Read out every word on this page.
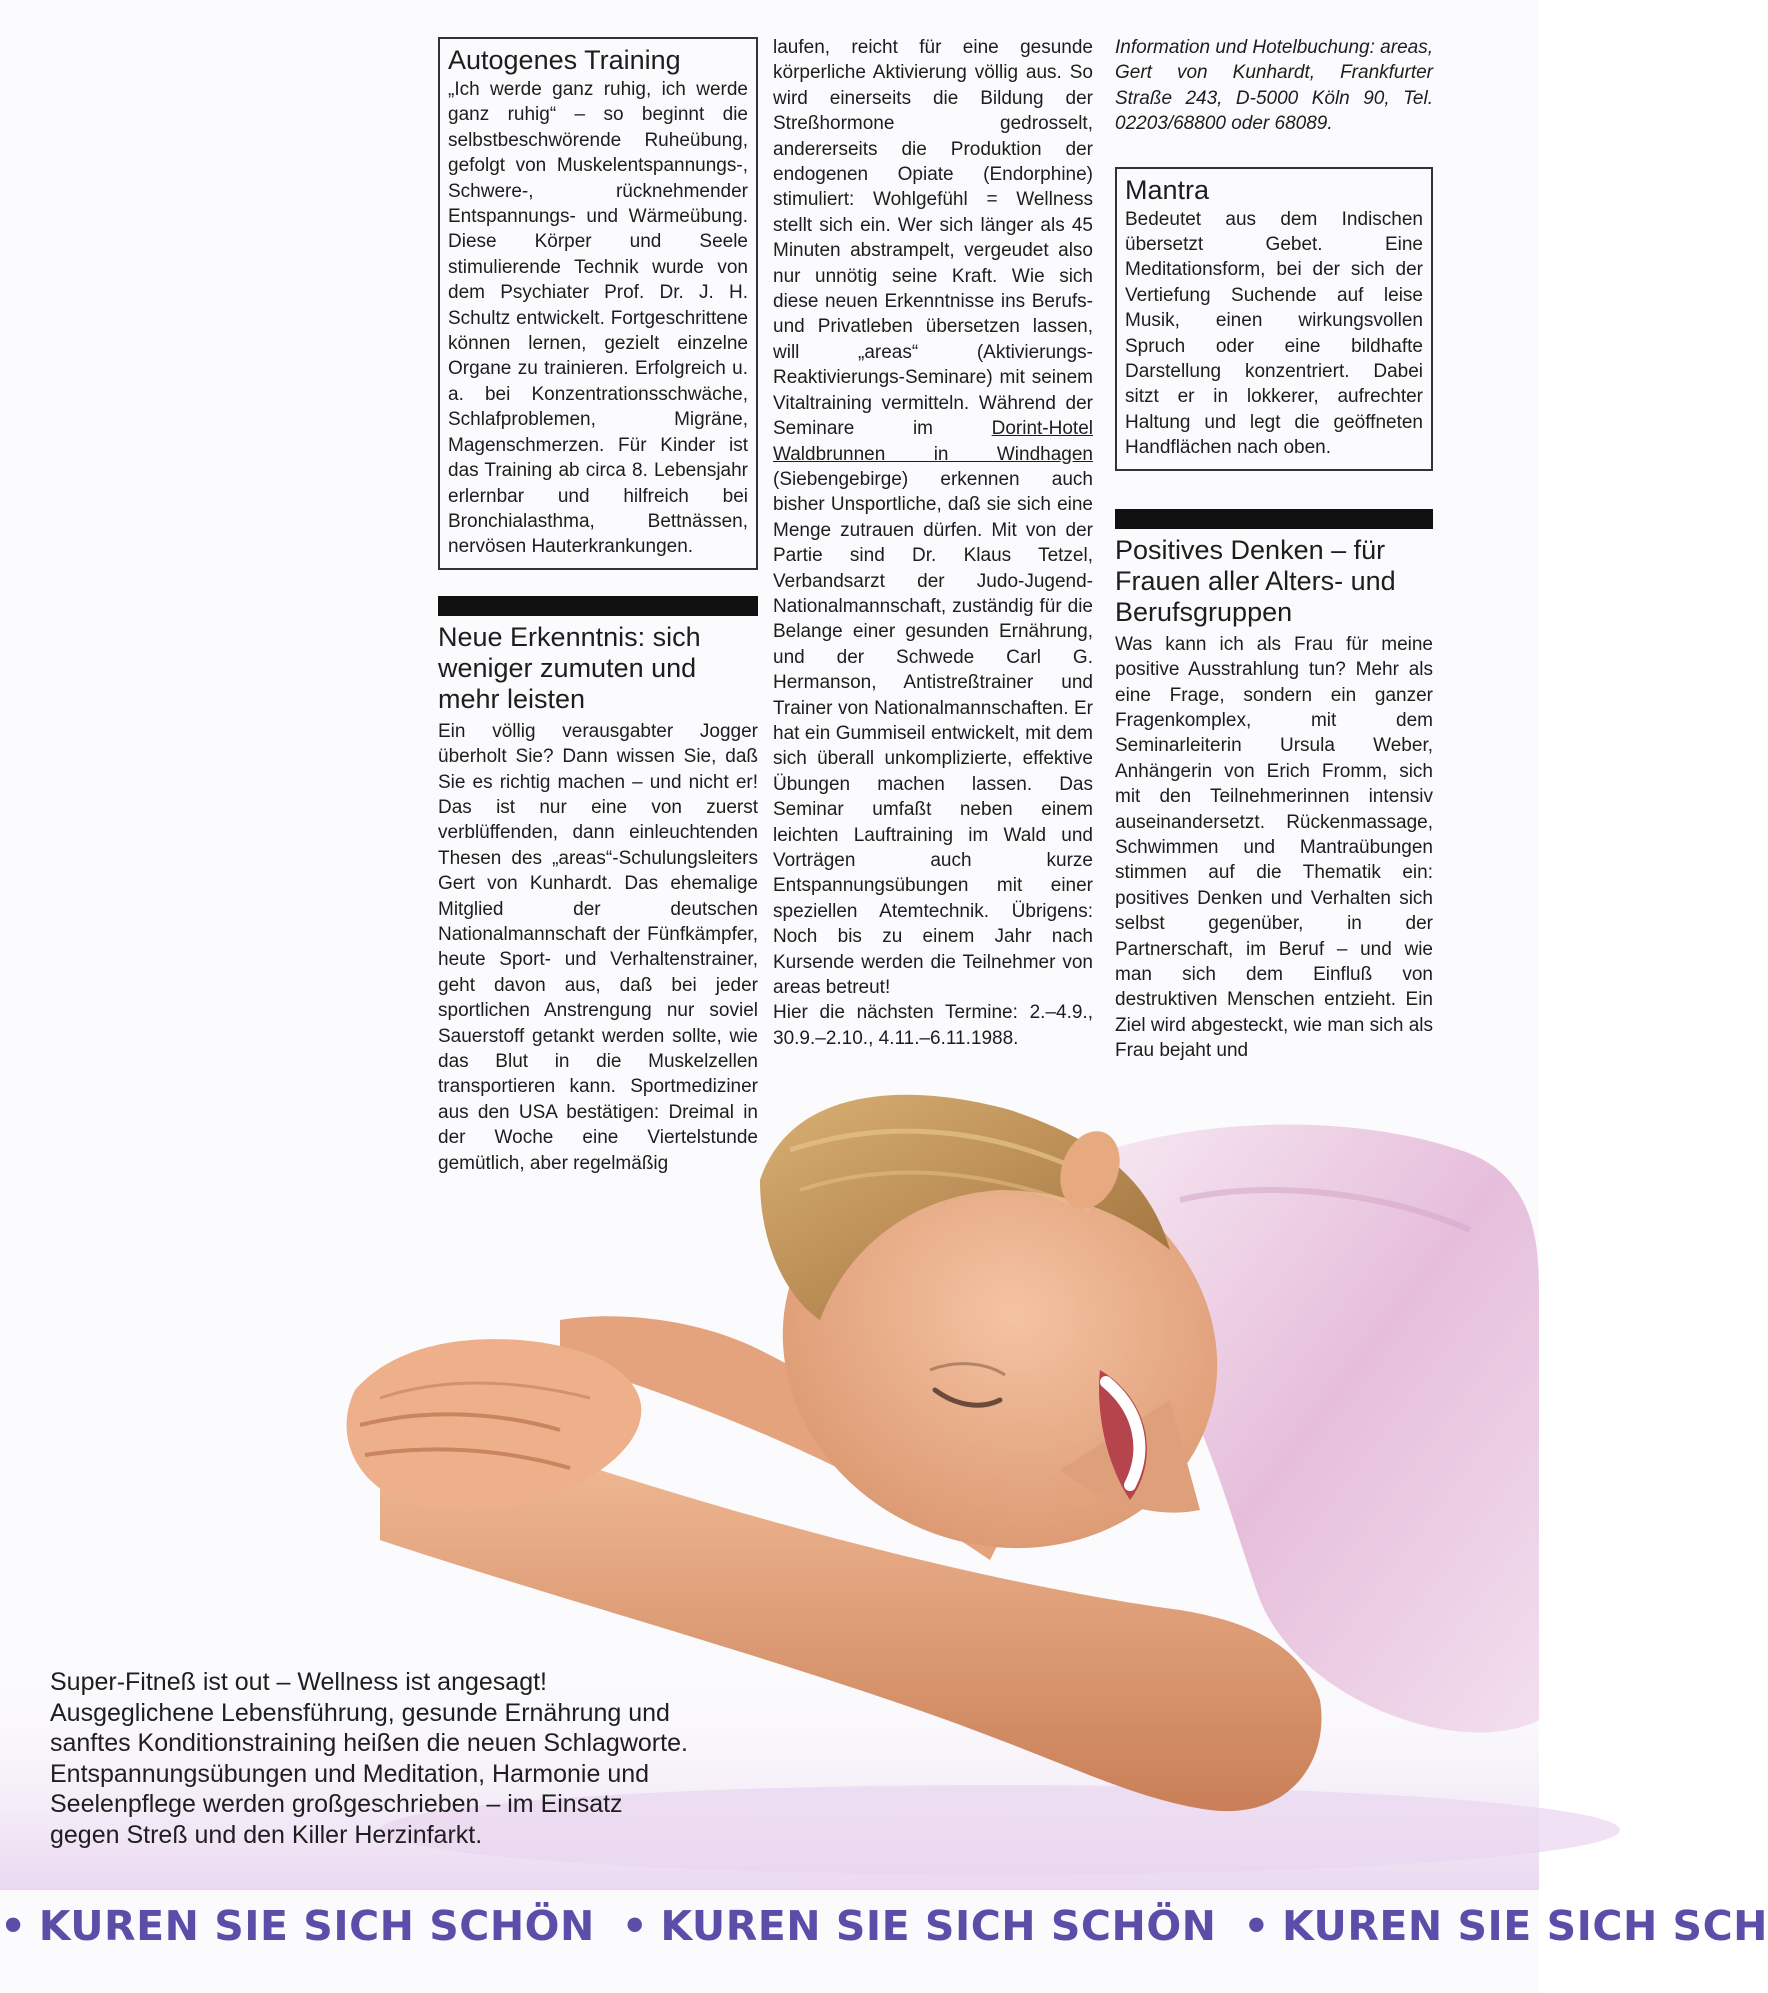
Autogenes Training

„Ich werde ganz ruhig, ich werde ganz ruhig“ – so beginnt die selbstbeschwörende Ruheübung, gefolgt von Muskelentspannungs-, Schwere-, rücknehmender Entspannungs- und Wärmeübung. Diese Körper und Seele stimulierende Technik wurde von dem Psychiater Prof. Dr. J. H. Schultz entwickelt. Fortgeschrittene können lernen, gezielt einzelne Organe zu trainieren. Erfolgreich u. a. bei Konzentrationsschwäche, Schlafproblemen, Migräne, Magenschmerzen. Für Kinder ist das Training ab circa 8. Lebensjahr erlernbar und hilfreich bei Bronchialasthma, Bettnässen, nervösen Hauterkrankungen.

Neue Erkenntnis: sich weniger zumuten und mehr leisten

Ein völlig verausgabter Jogger überholt Sie? Dann wissen Sie, daß Sie es richtig machen – und nicht er! Das ist nur eine von zuerst verblüffenden, dann einleuchtenden Thesen des „areas“-Schulungsleiters Gert von Kunhardt. Das ehemalige Mitglied der deutschen Nationalmannschaft der Fünfkämpfer, heute Sport- und Verhaltenstrainer, geht davon aus, daß bei jeder sportlichen Anstrengung nur soviel Sauerstoff getankt werden sollte, wie das Blut in die Muskelzellen transportieren kann. Sportmediziner aus den USA bestätigen: Dreimal in der Woche eine Viertelstunde gemütlich, aber regelmäßig

laufen, reicht für eine gesunde körperliche Aktivierung völlig aus. So wird einerseits die Bildung der Streßhormone gedrosselt, andererseits die Produktion der endogenen Opiate (Endorphine) stimuliert: Wohlgefühl = Wellness stellt sich ein. Wer sich länger als 45 Minuten abstrampelt, vergeudet also nur unnötig seine Kraft. Wie sich diese neuen Erkenntnisse ins Berufs- und Privatleben übersetzen lassen, will „areas“ (Aktivierungs-Reaktivierungs-Seminare) mit seinem Vitaltraining vermitteln. Während der Seminare im Dorint-Hotel Waldbrunnen in Windhagen (Siebengebirge) erkennen auch bisher Unsportliche, daß sie sich eine Menge zutrauen dürfen. Mit von der Partie sind Dr. Klaus Tetzel, Verbandsarzt der Judo-Jugend-Nationalmannschaft, zuständig für die Belange einer gesunden Ernährung, und der Schwede Carl G. Hermanson, Antistreßtrainer und Trainer von Nationalmannschaften. Er hat ein Gummiseil entwickelt, mit dem sich überall unkomplizierte, effektive Übungen machen lassen. Das Seminar umfaßt neben einem leichten Lauftraining im Wald und Vorträgen auch kurze Entspannungsübungen mit einer speziellen Atemtechnik. Übrigens: Noch bis zu einem Jahr nach Kursende werden die Teilnehmer von areas betreut!

Hier die nächsten Termine: 2.–4.9., 30.9.–2.10., 4.11.–6.11.1988.

Information und Hotelbuchung: areas, Gert von Kunhardt, Frankfurter Straße 243, D-5000 Köln 90, Tel. 02203/68800 oder 68089.

Mantra

Bedeutet aus dem Indischen übersetzt Gebet. Eine Meditationsform, bei der sich der Vertiefung Suchende auf leise Musik, einen wirkungsvollen Spruch oder eine bildhafte Darstellung konzentriert. Dabei sitzt er in lokkerer, aufrechter Haltung und legt die geöffneten Handflächen nach oben.

Positives Denken – für Frauen aller Alters- und Berufsgruppen

Was kann ich als Frau für meine positive Ausstrahlung tun? Mehr als eine Frage, sondern ein ganzer Fragenkomplex, mit dem Seminarleiterin Ursula Weber, Anhängerin von Erich Fromm, sich mit den Teilnehmerinnen intensiv auseinandersetzt. Rückenmassage, Schwimmen und Mantraübungen stimmen auf die Thematik ein: positives Denken und Verhalten sich selbst gegenüber, in der Partnerschaft, im Beruf – und wie man sich dem Einfluß von destruktiven Menschen entzieht. Ein Ziel wird abgesteckt, wie man sich als Frau bejaht und

Super-Fitneß ist out – Wellness ist angesagt! Ausgeglichene Lebensführung, gesunde Ernährung und sanftes Konditionstraining heißen die neuen Schlagworte. Entspannungsübungen und Meditation, Harmonie und Seelenpflege werden großgeschrieben – im Einsatz gegen Streß und den Killer Herzinfarkt.

• KUREN SIE SICH SCHÖN • KUREN SIE SICH SCHÖN • KUREN SIE SICH SCH
